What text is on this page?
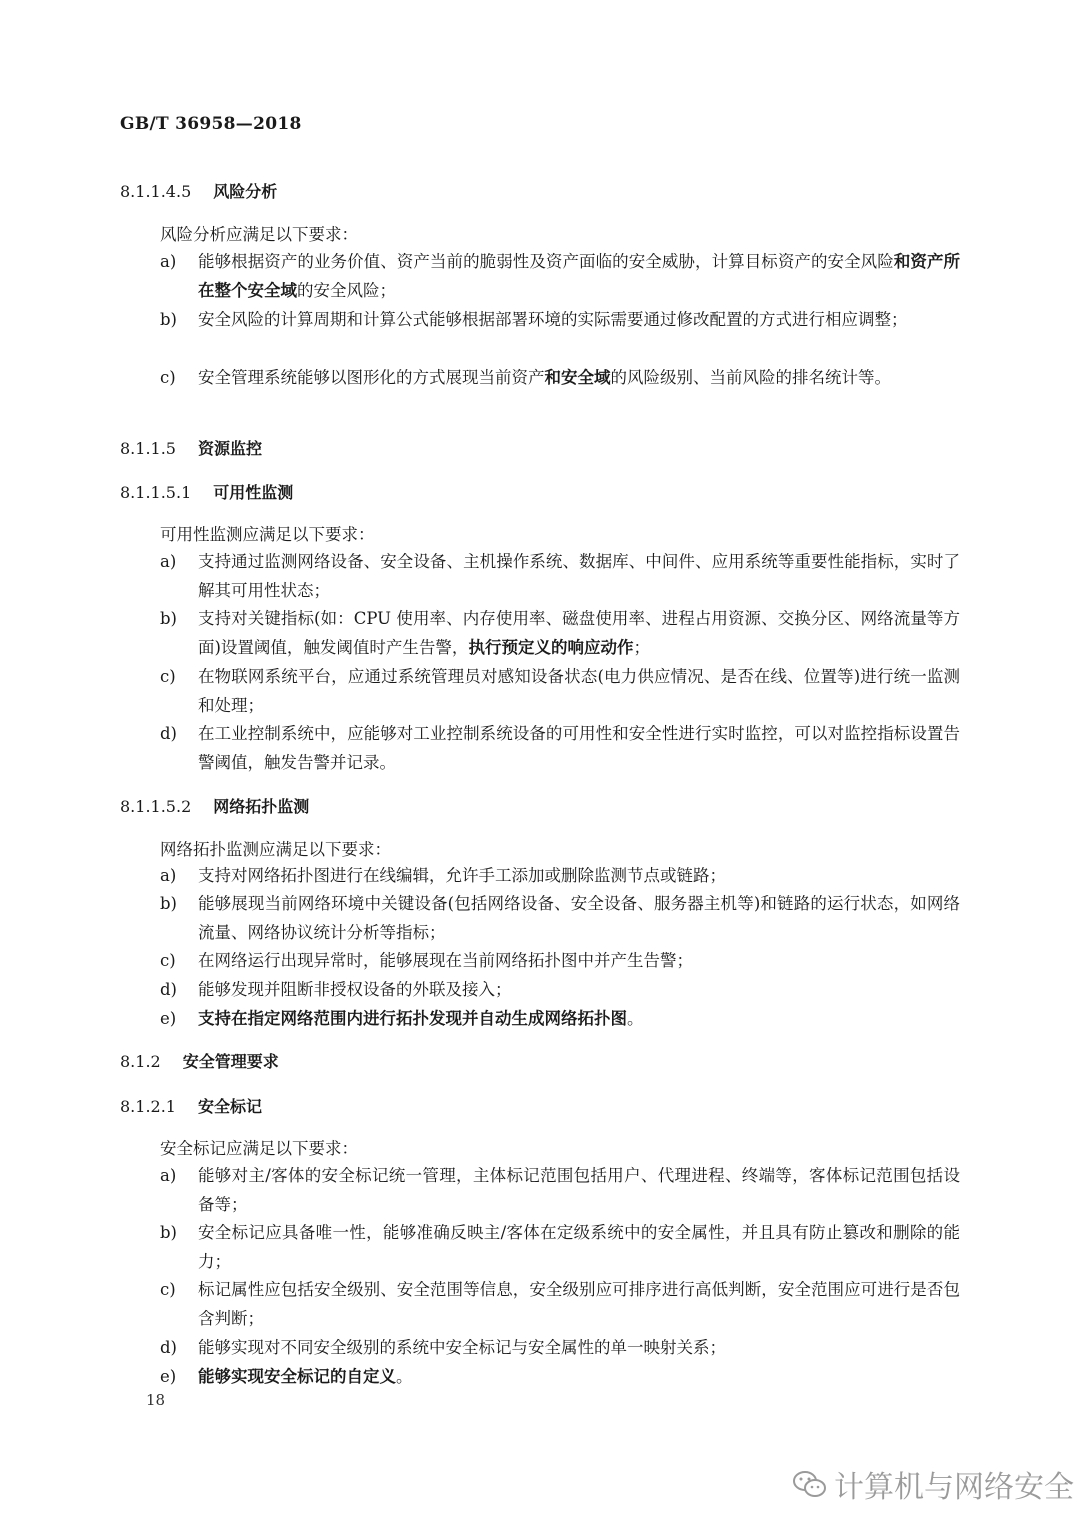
GB/T 36958—2018
8.1.1.4.5 风险分析
风险分析应满足以下要求：
a) 能够根据资产的业务价值、资产当前的脆弱性及资产面临的安全威胁，计算目标资产的安全风险和资产所在整个安全域的安全风险；
b) 安全风险的计算周期和计算公式能够根据部署环境的实际需要通过修改配置的方式进行相应调整；
c) 安全管理系统能够以图形化的方式展现当前资产和安全域的风险级别、当前风险的排名统计等。
8.1.1.5 资源监控
8.1.1.5.1 可用性监测
可用性监测应满足以下要求：
a) 支持通过监测网络设备、安全设备、主机操作系统、数据库、中间件、应用系统等重要性能指标，实时了解其可用性状态；
b) 支持对关键指标(如：CPU 使用率、内存使用率、磁盘使用率、进程占用资源、交换分区、网络流量等方面)设置阈值，触发阈值时产生告警，执行预定义的响应动作；
c) 在物联网系统平台，应通过系统管理员对感知设备状态(电力供应情况、是否在线、位置等)进行统一监测和处理；
d) 在工业控制系统中，应能够对工业控制系统设备的可用性和安全性进行实时监控，可以对监控指标设置告警阈值，触发告警并记录。
8.1.1.5.2 网络拓扑监测
网络拓扑监测应满足以下要求：
a) 支持对网络拓扑图进行在线编辑，允许手工添加或删除监测节点或链路；
b) 能够展现当前网络环境中关键设备(包括网络设备、安全设备、服务器主机等)和链路的运行状态，如网络流量、网络协议统计分析等指标；
c) 在网络运行出现异常时，能够展现在当前网络拓扑图中并产生告警；
d) 能够发现并阻断非授权设备的外联及接入；
e) 支持在指定网络范围内进行拓扑发现并自动生成网络拓扑图。
8.1.2 安全管理要求
8.1.2.1 安全标记
安全标记应满足以下要求：
a) 能够对主/客体的安全标记统一管理，主体标记范围包括用户、代理进程、终端等，客体标记范围包括设备等；
b) 安全标记应具备唯一性，能够准确反映主/客体在定级系统中的安全属性，并且具有防止篡改和删除的能力；
c) 标记属性应包括安全级别、安全范围等信息，安全级别应可排序进行高低判断，安全范围应可进行是否包含判断；
d) 能够实现对不同安全级别的系统中安全标记与安全属性的单一映射关系；
e) 能够实现安全标记的自定义。
18
计算机与网络安全
